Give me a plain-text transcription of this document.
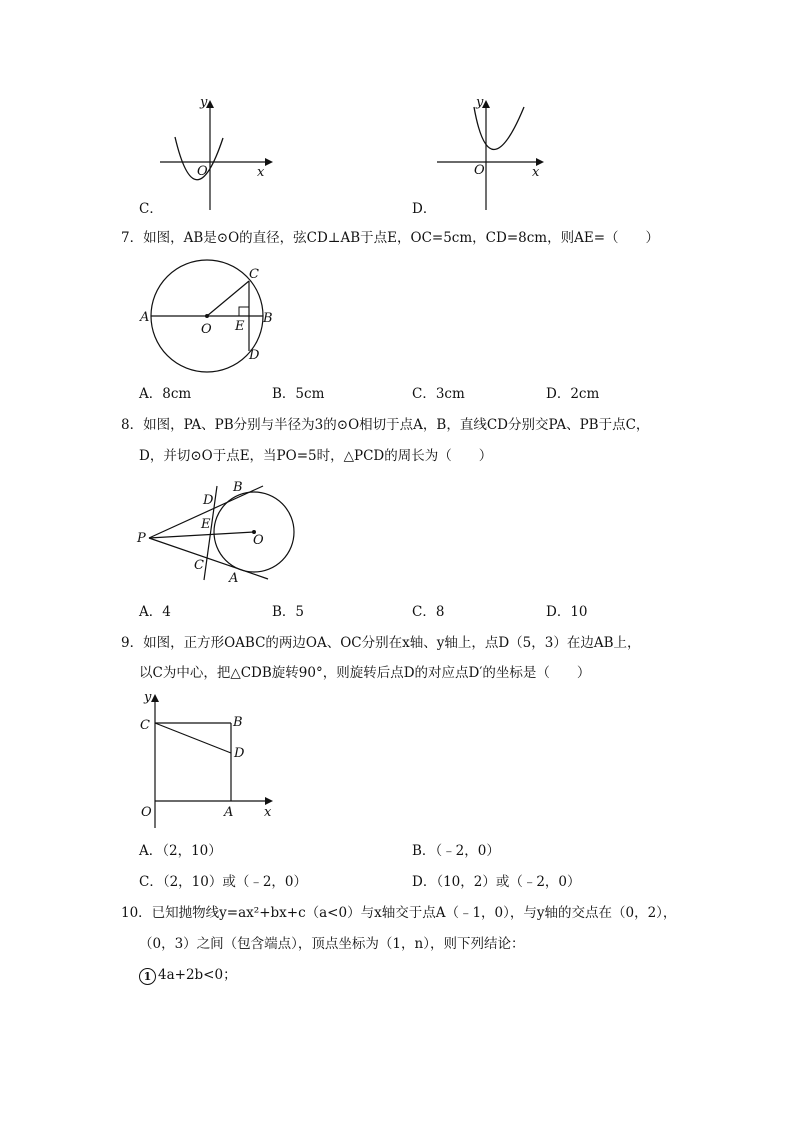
y
x
O
C．
y
x
O
D．
7．如图，AB是⊙O的直径，弦CD⊥AB于点E，OC=5cm，CD=8cm，则AE=（　　）
A
O E
B
C
D
A．8cm	B．5cm	C．3cm	D．2cm
8．如图，PA、PB分别与半径为3的⊙O相切于点A，B，直线CD分别交PA、PB于点C，
D，并切⊙O于点E，当PO=5时，△PCD的周长为（　　）
P
D
B
E
O
C
A
A．4	B．5	C．8	D．10
9．如图，正方形OABC的两边OA、OC分别在x轴、y轴上，点D（5，3）在边AB上，
以C为中心，把△CDB旋转90°，则旋转后点D的对应点D′的坐标是（　　）
y
C	B
D
O	A x
A．（2，10）	B．（﹣2，0）
C．（2，10）或（﹣2，0）	D．（10，2）或（﹣2，0）
10．已知抛物线y=ax²+bx+c（a<0）与x轴交于点A（﹣1，0），与y轴的交点在（0，2），
（0，3）之间（包含端点），顶点坐标为（1，n），则下列结论：
1 4a+2b<0；
